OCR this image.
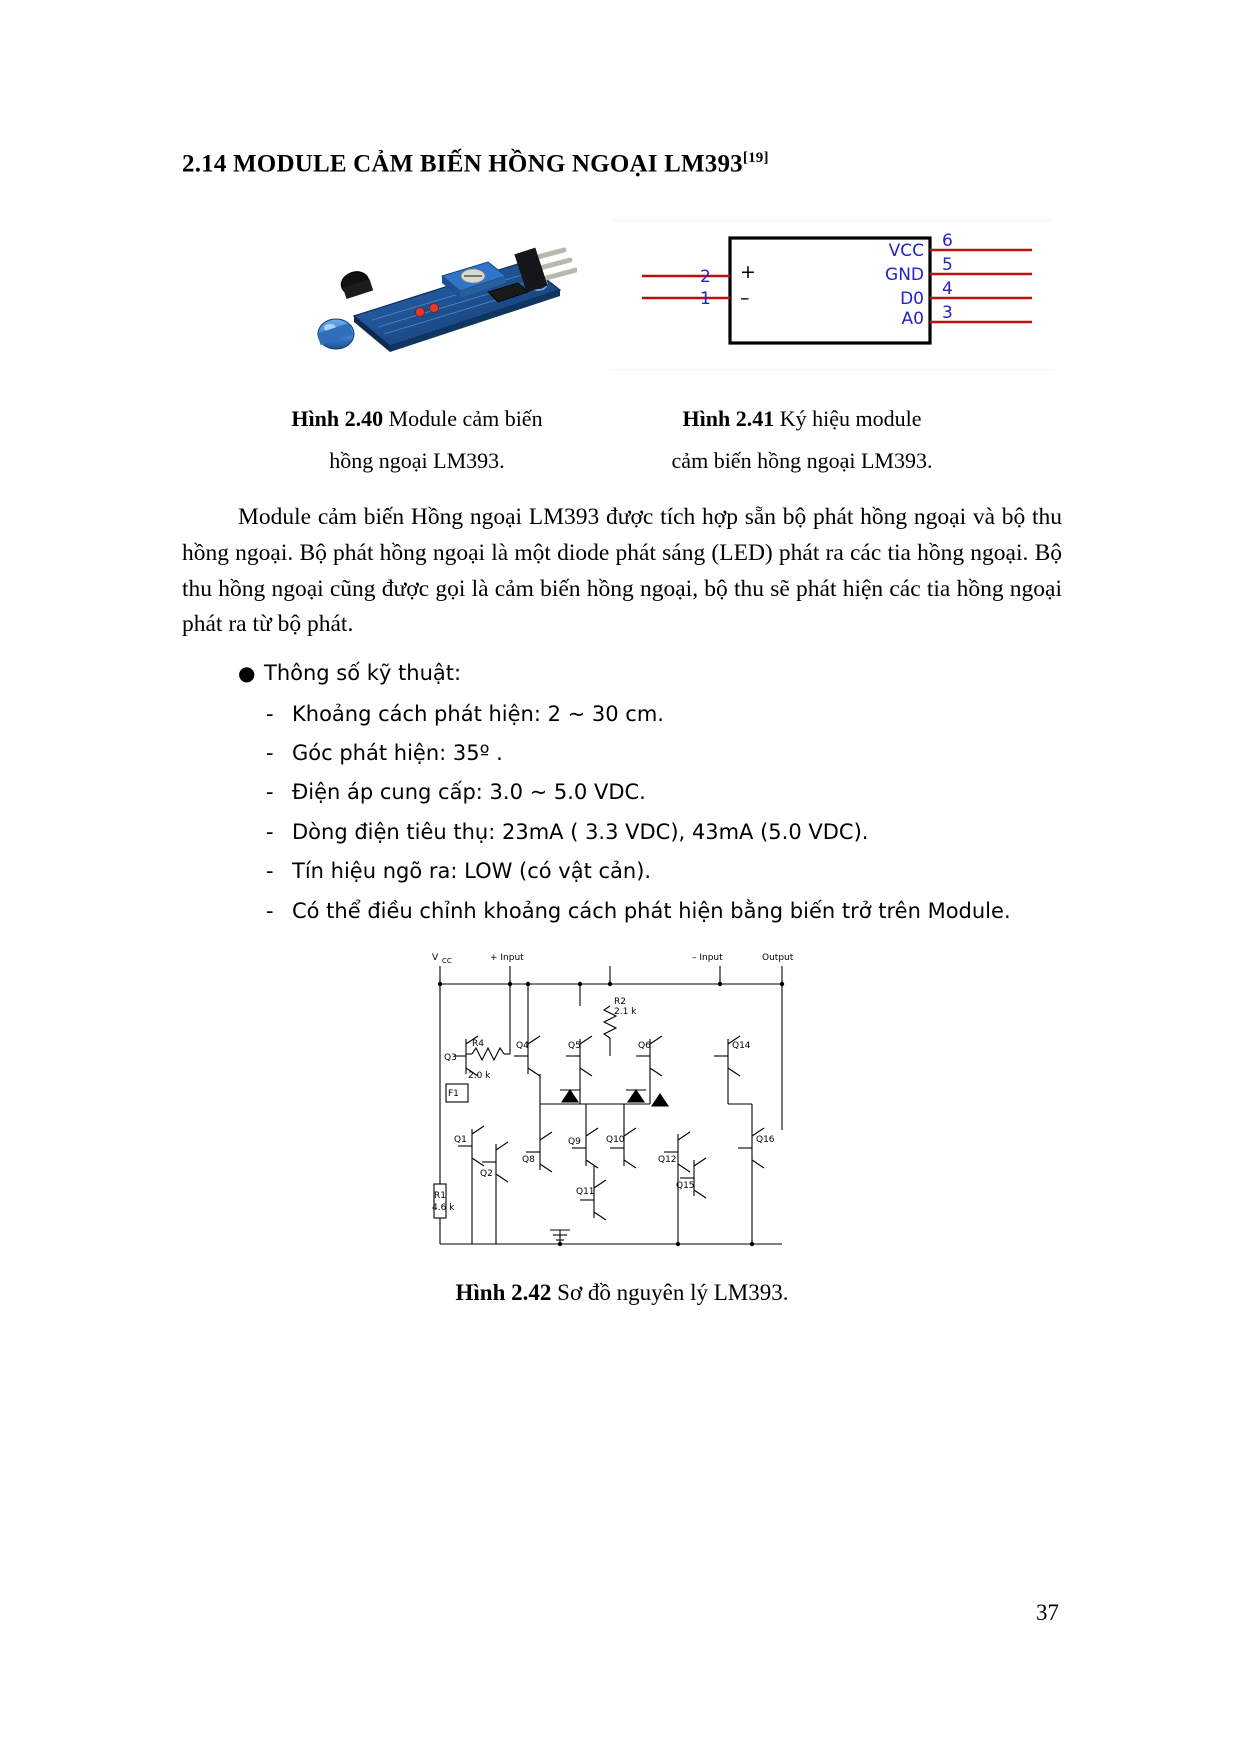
2.14 MODULE CẢM BIẾN HỒNG NGOẠI LM393[19]
VCC
GND
D0
A0
6
5
4
3
2
1
+
–
Hình 2.40 Module cảm biến
hồng ngoại LM393.
Hình 2.41 Ký hiệu module
cảm biến hồng ngoại LM393.

Module cảm biến Hồng ngoại LM393 được tích hợp sẵn bộ phát hồng ngoại và bộ thu hồng ngoại. Bộ phát hồng ngoại là một diode phát sáng (LED) phát ra các tia hồng ngoại. Bộ thu hồng ngoại cũng được gọi là cảm biến hồng ngoại, bộ thu sẽ phát hiện các tia hồng ngoại phát ra từ bộ phát.

● Thông số kỹ thuật:
- Khoảng cách phát hiện: 2 ~ 30 cm.
- Góc phát hiện: 35º .
- Điện áp cung cấp: 3.0 ~ 5.0 VDC.
- Dòng điện tiêu thụ: 23mA ( 3.3 VDC), 43mA (5.0 VDC).
- Tín hiệu ngõ ra: LOW (có vật cản).
- Có thể điều chỉnh khoảng cách phát hiện bằng biến trở trên Module.
V CC	+ Input	– Input	Output
R2
2.1 k
R4
2.0 k
R1
4.6 k
F1
Q3
Q1
Q2
Q4	Q5	Q6	Q14
Q8
Q9	Q10
Q11
Q12
Q15
Q16
Hình 2.42 Sơ đồ nguyên lý LM393.
37
